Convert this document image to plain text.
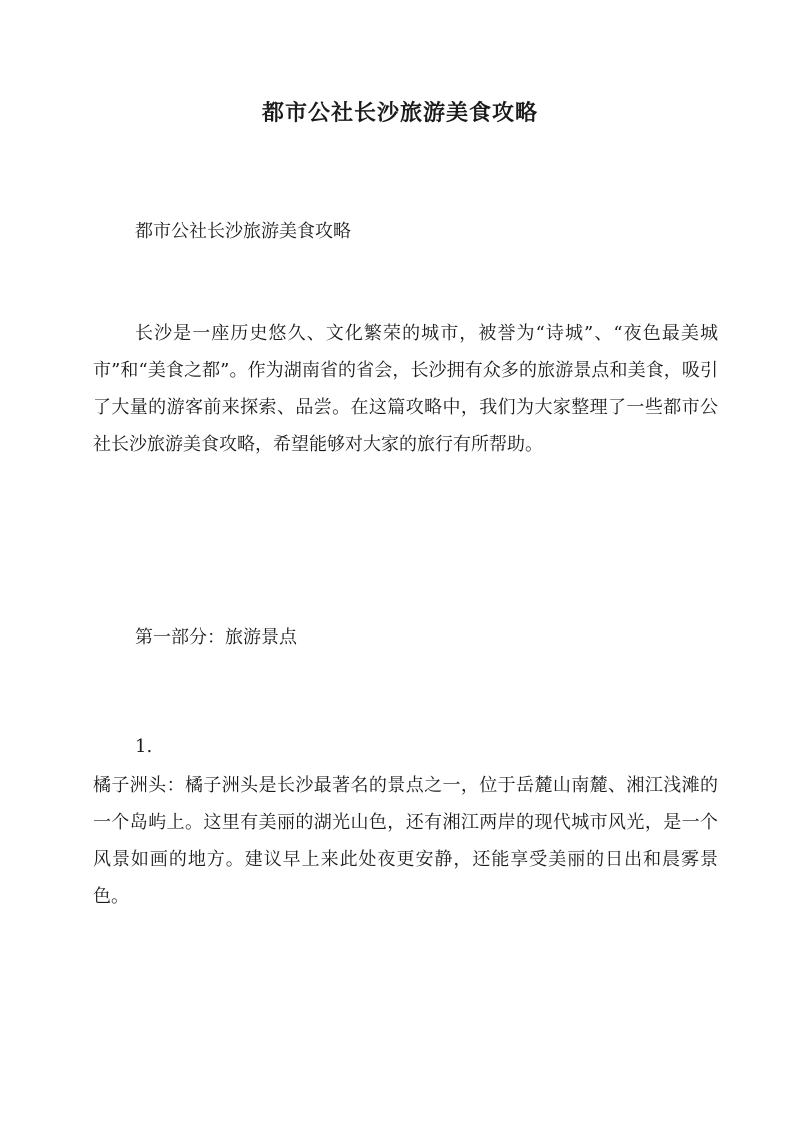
都市公社长沙旅游美食攻略
都市公社长沙旅游美食攻略
长沙是一座历史悠久、文化繁荣的城市，被誉为“诗城”、“夜色最美城市”和“美食之都”。作为湖南省的省会，长沙拥有众多的旅游景点和美食，吸引了大量的游客前来探索、品尝。在这篇攻略中，我们为大家整理了一些都市公社长沙旅游美食攻略，希望能够对大家的旅行有所帮助。
第一部分：旅游景点
1.
橘子洲头：橘子洲头是长沙最著名的景点之一，位于岳麓山南麓、湘江浅滩的一个岛屿上。这里有美丽的湖光山色，还有湘江两岸的现代城市风光，是一个风景如画的地方。建议早上来此处夜更安静，还能享受美丽的日出和晨雾景色。
